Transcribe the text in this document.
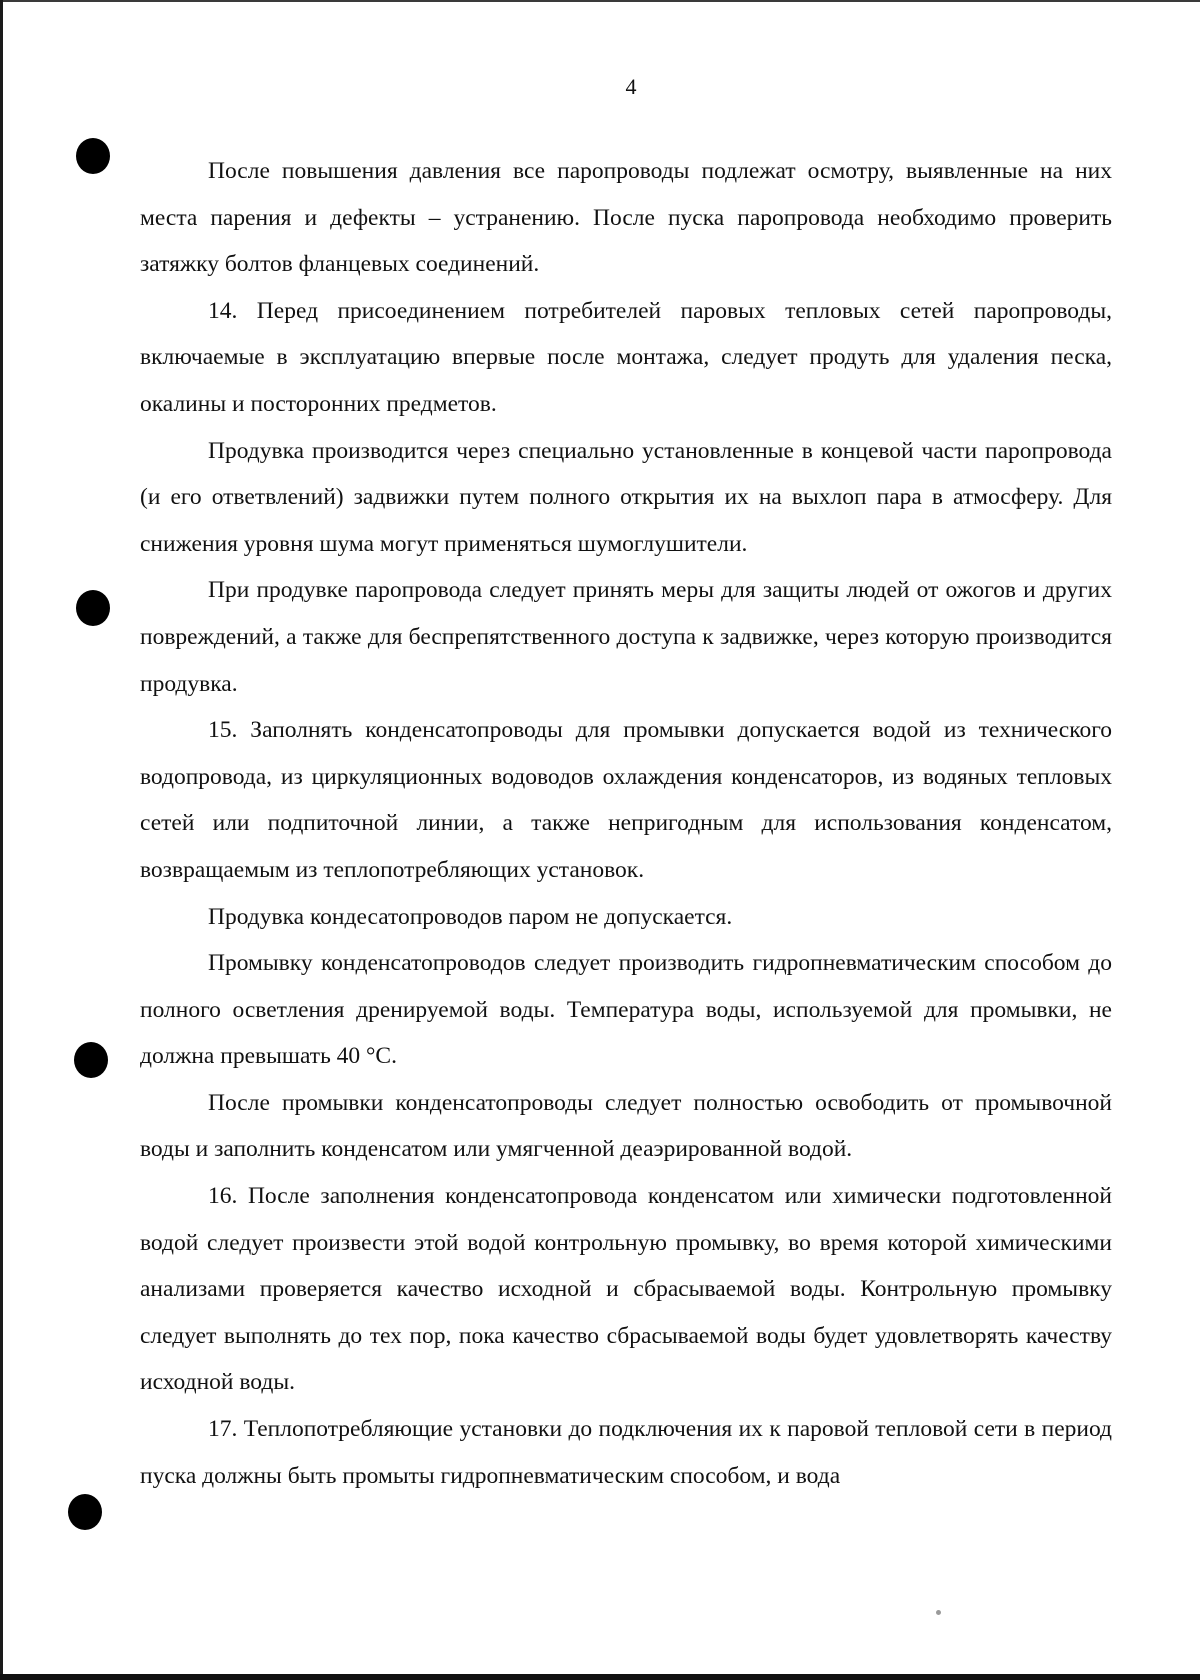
4

После повышения давления все паропроводы подлежат осмотру, выявленные на них места парения и дефекты – устранению. После пуска паропровода необходимо проверить затяжку болтов фланцевых соединений.

14. Перед присоединением потребителей паровых тепловых сетей паропроводы, включаемые в эксплуатацию впервые после монтажа, следует продуть для удаления песка, окалины и посторонних предметов.

Продувка производится через специально установленные в концевой части паропровода (и его ответвлений) задвижки путем полного открытия их на выхлоп пара в атмосферу. Для снижения уровня шума могут применяться шумоглушители.

При продувке паропровода следует принять меры для защиты людей от ожогов и других повреждений, а также для беспрепятственного доступа к задвижке, через которую производится продувка.

15. Заполнять конденсатопроводы для промывки допускается водой из технического водопровода, из циркуляционных водоводов охлаждения конденсаторов, из водяных тепловых сетей или подпиточной линии, а также непригодным для использования конденсатом, возвращаемым из теплопотребляющих установок.

Продувка кондесатопроводов паром не допускается.

Промывку конденсатопроводов следует производить гидропневматическим способом до полного осветления дренируемой воды. Температура воды, используемой для промывки, не должна превышать 40 °С.

После промывки конденсатопроводы следует полностью освободить от промывочной воды и заполнить конденсатом или умягченной деаэрированной водой.

16. После заполнения конденсатопровода конденсатом или химически подготовленной водой следует произвести этой водой контрольную промывку, во время которой химическими анализами проверяется качество исходной и сбрасываемой воды. Контрольную промывку следует выполнять до тех пор, пока качество сбрасываемой воды будет удовлетворять качеству исходной воды.

17. Теплопотребляющие установки до подключения их к паровой тепловой сети в период пуска должны быть промыты гидропневматическим способом, и вода
